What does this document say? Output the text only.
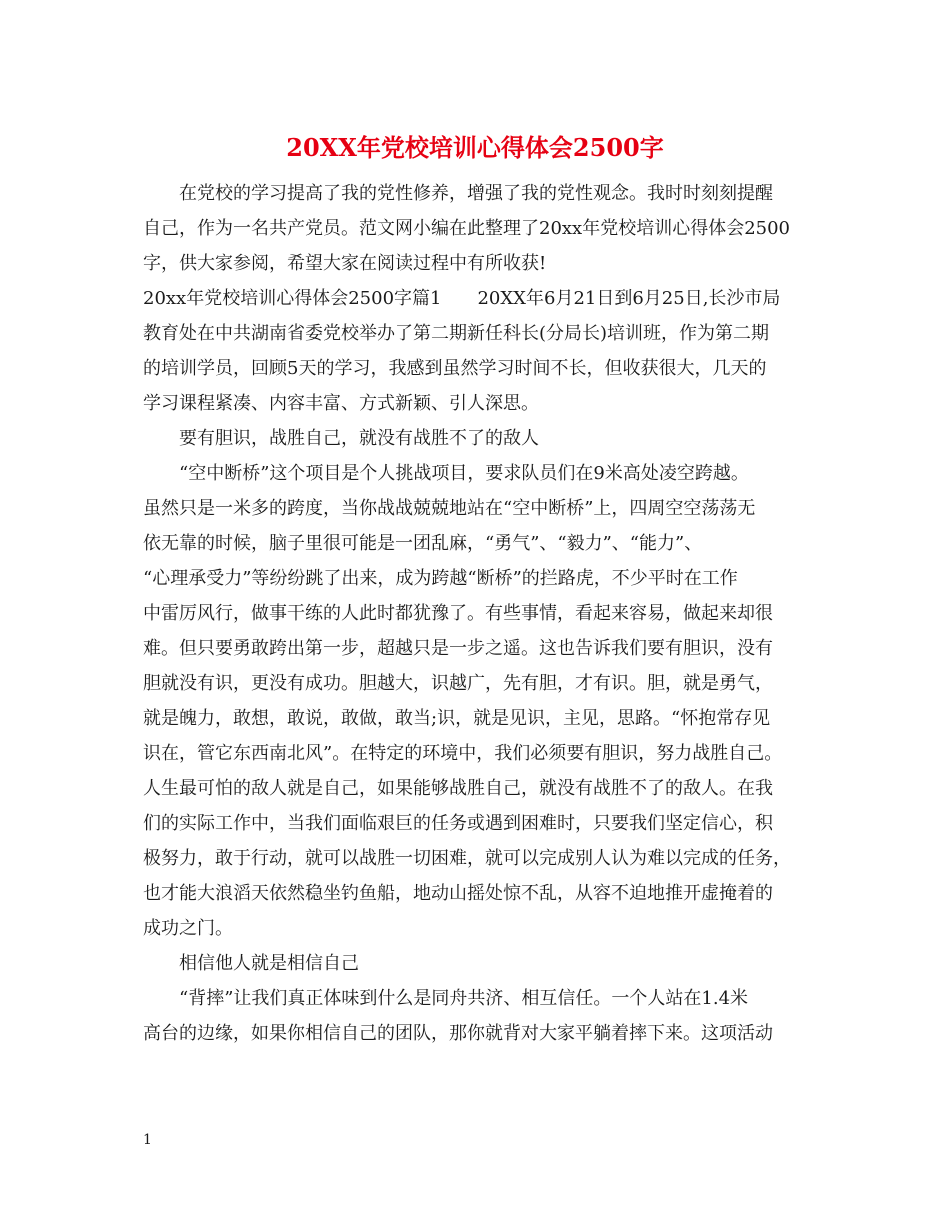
20XX年党校培训心得体会2500字
在党校的学习提高了我的党性修养，增强了我的党性观念。我时时刻刻提醒
自己，作为一名共产党员。范文网小编在此整理了20xx年党校培训心得体会2500
字，供大家参阅，希望大家在阅读过程中有所收获!
20xx年党校培训心得体会2500字篇1　　20XX年6月21日到6月25日,长沙市局
教育处在中共湖南省委党校举办了第二期新任科长(分局长)培训班，作为第二期
的培训学员，回顾5天的学习，我感到虽然学习时间不长，但收获很大，几天的
学习课程紧凑、内容丰富、方式新颖、引人深思。
要有胆识，战胜自己，就没有战胜不了的敌人
“空中断桥”这个项目是个人挑战项目，要求队员们在9米高处凌空跨越。
虽然只是一米多的跨度，当你战战兢兢地站在“空中断桥”上，四周空空荡荡无
依无靠的时候，脑子里很可能是一团乱麻，“勇气”、“毅力”、“能力”、
“心理承受力”等纷纷跳了出来，成为跨越“断桥”的拦路虎，不少平时在工作
中雷厉风行，做事干练的人此时都犹豫了。有些事情，看起来容易，做起来却很
难。但只要勇敢跨出第一步，超越只是一步之遥。这也告诉我们要有胆识，没有
胆就没有识，更没有成功。胆越大，识越广，先有胆，才有识。胆，就是勇气，
就是魄力，敢想，敢说，敢做，敢当;识，就是见识，主见，思路。“怀抱常存见
识在，管它东西南北风”。在特定的环境中，我们必须要有胆识，努力战胜自己。
人生最可怕的敌人就是自己，如果能够战胜自己，就没有战胜不了的敌人。在我
们的实际工作中，当我们面临艰巨的任务或遇到困难时，只要我们坚定信心，积
极努力，敢于行动，就可以战胜一切困难，就可以完成别人认为难以完成的任务，
也才能大浪滔天依然稳坐钓鱼船，地动山摇处惊不乱，从容不迫地推开虚掩着的
成功之门。
相信他人就是相信自己
“背摔”让我们真正体味到什么是同舟共济、相互信任。一个人站在1.4米
高台的边缘，如果你相信自己的团队，那你就背对大家平躺着摔下来。这项活动
1
